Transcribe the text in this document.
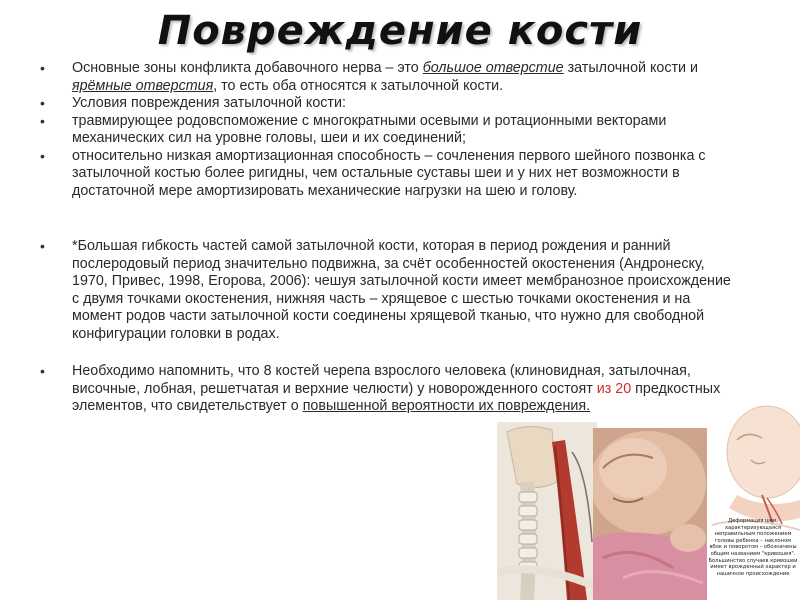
Повреждение кости
• Основные зоны конфликта добавочного нерва – это большое отверстие затылочной кости и ярёмные отверстия, то есть оба относятся к затылочной кости.
• Условия повреждения затылочной кости:
• травмирующее родовспоможение с многократными осевыми и ротационными векторами механических сил на уровне головы, шеи и их соединений;
• относительно низкая амортизационная способность – сочленения первого шейного позвонка с затылочной костью более ригидны, чем остальные суставы шеи и у них нет возможности в достаточной мере амортизировать механические нагрузки на шею и голову.
• *Большая гибкость частей самой затылочной кости, которая в период рождения и ранний послеродовый период значительно подвижна, за счёт особенностей окостенения (Андронеску, 1970, Привес, 1998, Егорова, 2006): чешуя затылочной кости имеет мембранозное происхождение с двумя точками окостенения, нижняя часть – хрящевое с шестью точками окостенения и на момент родов части затылочной кости соединены хрящевой тканью, что нужно для свободной конфигурации головки в родах.
• Необходимо напомнить, что 8 костей черепа взрослого человека (клиновидная, затылочная, височные, лобная, решетчатая и верхние челюсти) у новорожденного состоят из 20 предкостных элементов, что свидетельствует о повышенной вероятности их повреждения.
Деформация шеи, характеризующаяся неправильным положением головы ребенка – наклоном вбок и поворотом – обозначены общим названием "кривошея". Большинство случаев кривошеи имеет врожденный характер и нашичное происхождение
